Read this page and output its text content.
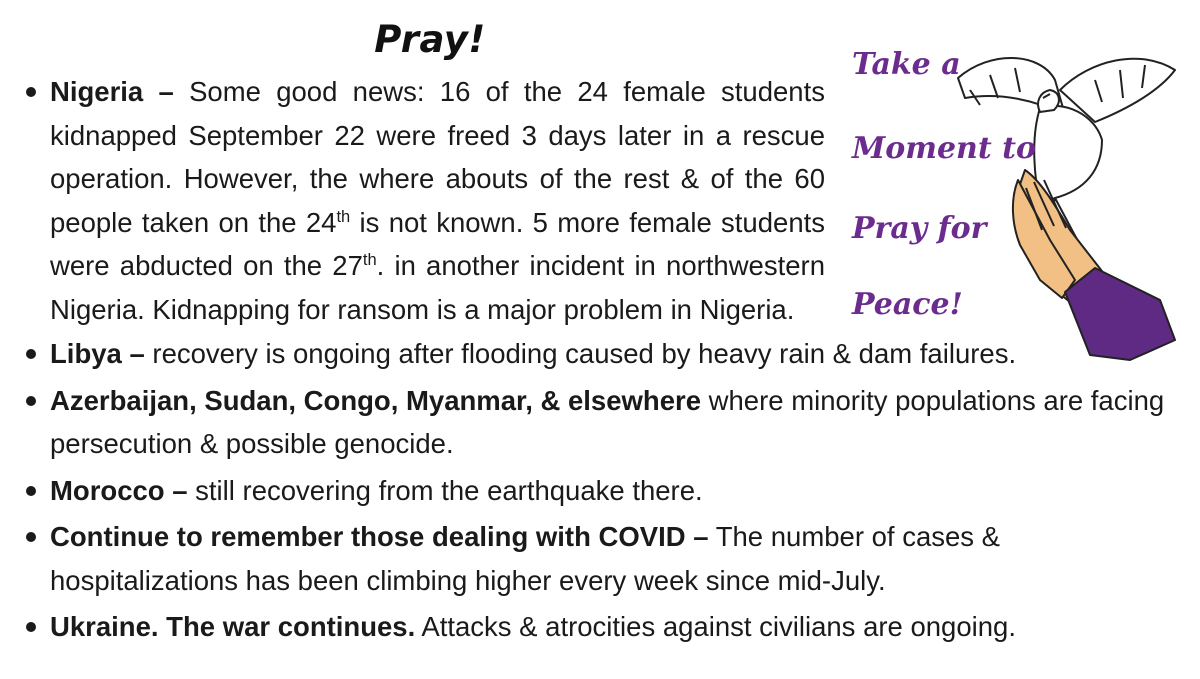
Pray!
Nigeria – Some good news: 16 of the 24 female students kidnapped September 22 were freed 3 days later in a rescue operation. However, the where abouts of the rest & of the 60 people taken on the 24th is not known. 5 more female students were abducted on the 27th. in another incident in northwestern Nigeria. Kidnapping for ransom is a major problem in Nigeria.
Libya – recovery is ongoing after flooding caused by heavy rain & dam failures.
Azerbaijan, Sudan, Congo, Myanmar, & elsewhere where minority populations are facing persecution & possible genocide.
Morocco – still recovering from the earthquake there.
Continue to remember those dealing with COVID – The number of cases & hospitalizations has been climbing higher every week since mid-July.
Ukraine. The war continues. Attacks & atrocities against civilians are ongoing.
Take a
Moment to
Pray for
Peace!
